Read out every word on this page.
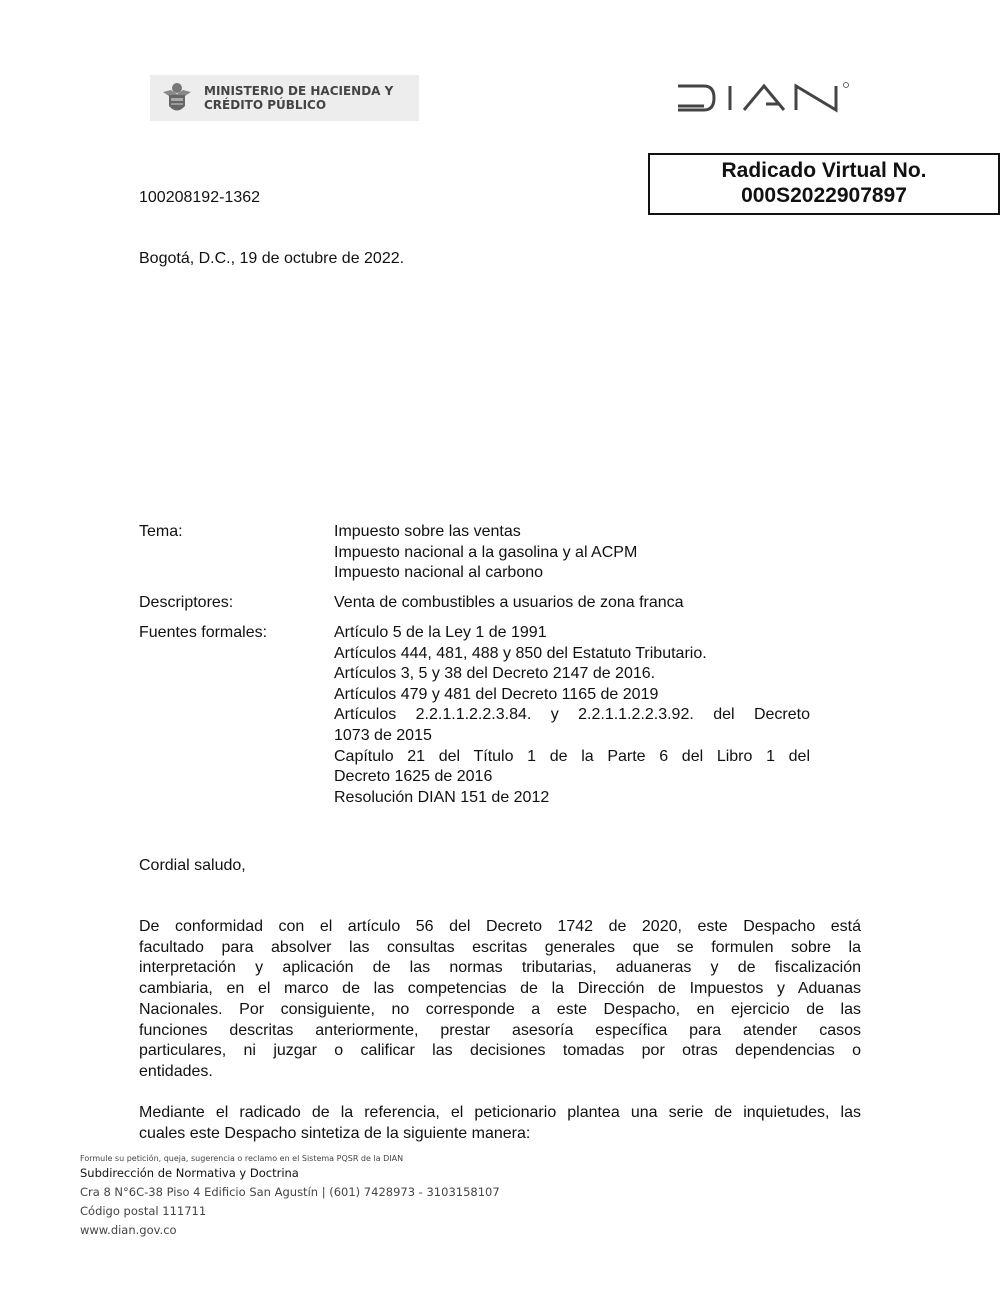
MINISTERIO DE HACIENDA Y
CRÉDITO PÚBLICO
Radicado Virtual No.
000S2022907897
100208192-1362
Bogotá, D.C., 19 de octubre de 2022.
Tema:	Impuesto sobre las ventas
Impuesto nacional a la gasolina y al ACPM
Impuesto nacional al carbono
Descriptores:	Venta de combustibles a usuarios de zona franca
Fuentes formales:	Artículo 5 de la Ley 1 de 1991
Artículos 444, 481, 488 y 850 del Estatuto Tributario.
Artículos 3, 5 y 38 del Decreto 2147 de 2016.
Artículos 479 y 481 del Decreto 1165 de 2019
Artículos 2.2.1.1.2.2.3.84. y 2.2.1.1.2.2.3.92. del Decreto
1073 de 2015
Capítulo 21 del Título 1 de la Parte 6 del Libro 1 del
Decreto 1625 de 2016
Resolución DIAN 151 de 2012
Cordial saludo,
De conformidad con el artículo 56 del Decreto 1742 de 2020, este Despacho está
facultado para absolver las consultas escritas generales que se formulen sobre la
interpretación y aplicación de las normas tributarias, aduaneras y de fiscalización
cambiaria, en el marco de las competencias de la Dirección de Impuestos y Aduanas
Nacionales. Por consiguiente, no corresponde a este Despacho, en ejercicio de las
funciones descritas anteriormente, prestar asesoría específica para atender casos
particulares, ni juzgar o calificar las decisiones tomadas por otras dependencias o
entidades.
Mediante el radicado de la referencia, el peticionario plantea una serie de inquietudes, las
cuales este Despacho sintetiza de la siguiente manera:
Formule su petición, queja, sugerencia o reclamo en el Sistema PQSR de la DIAN
Subdirección de Normativa y Doctrina
Cra 8 N°6C-38 Piso 4 Edificio San Agustín | (601) 7428973 - 3103158107
Código postal 111711
www.dian.gov.co
